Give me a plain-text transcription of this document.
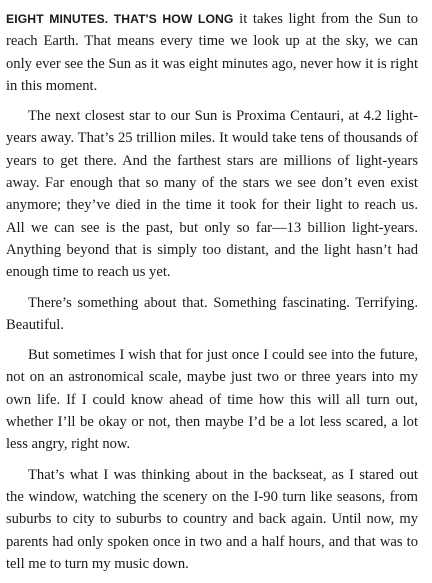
EIGHT MINUTES. THAT'S HOW LONG it takes light from the Sun to reach Earth. That means every time we look up at the sky, we can only ever see the Sun as it was eight minutes ago, never how it is right in this moment.

The next closest star to our Sun is Proxima Centauri, at 4.2 light-years away. That’s 25 trillion miles. It would take tens of thousands of years to get there. And the farthest stars are millions of light-years away. Far enough that so many of the stars we see don’t even exist anymore; they’ve died in the time it took for their light to reach us. All we can see is the past, but only so far—13 billion light-years. Anything beyond that is simply too distant, and the light hasn’t had enough time to reach us yet.

There’s something about that. Something fascinating. Terrifying. Beautiful.

But sometimes I wish that for just once I could see into the future, not on an astronomical scale, maybe just two or three years into my own life. If I could know ahead of time how this will all turn out, whether I’ll be okay or not, then maybe I’d be a lot less scared, a lot less angry, right now.

That’s what I was thinking about in the backseat, as I stared out the window, watching the scenery on the I-90 turn like seasons, from suburbs to city to suburbs to country and back again. Until now, my parents had only spoken once in two and a half hours, and that was to tell me to turn my music down.
